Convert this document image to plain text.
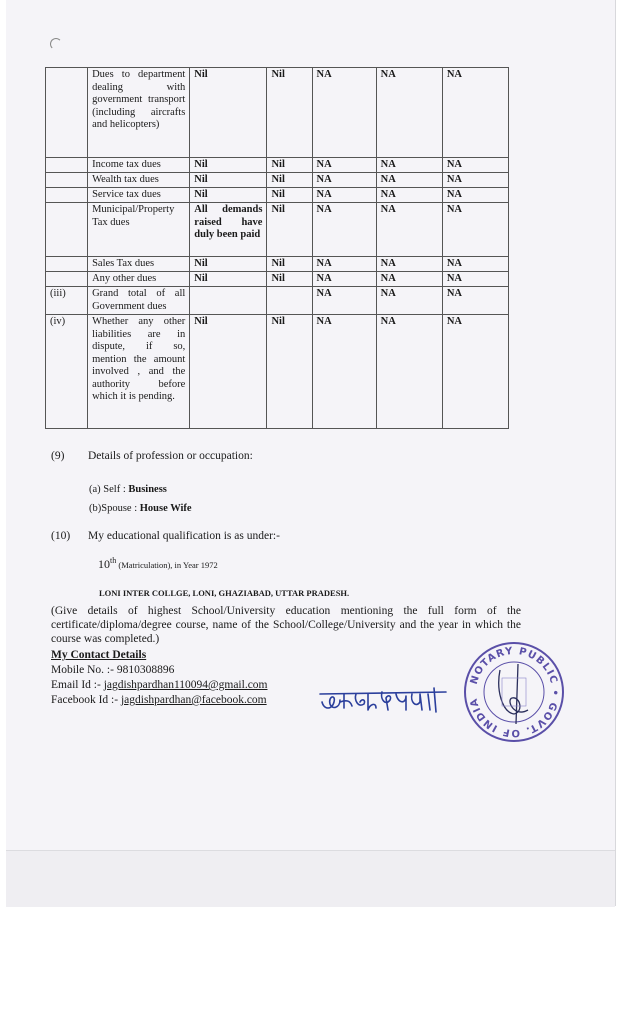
	Dues to department dealing with government transport (including aircrafts and helicopters)	Nil	Nil	NA	NA	NA
	Income tax dues	Nil	Nil	NA	NA	NA
	Wealth tax dues	Nil	Nil	NA	NA	NA
	Service tax dues	Nil	Nil	NA	NA	NA
	Municipal/Property Tax dues	All demands raised have duly been paid	Nil	NA	NA	NA
	Sales Tax dues	Nil	Nil	NA	NA	NA
	Any other dues	Nil	Nil	NA	NA	NA
(iii)	Grand total of all Government dues			NA	NA	NA
(iv)	Whether any other liabilities are in dispute, if so, mention the amount involved , and the authority before which it is pending.	Nil	Nil	NA	NA	NA
(9) Details of profession or occupation:
(a) Self : Business
(b)Spouse : House Wife
(10) My educational qualification is as under:-
10th (Matriculation), in Year 1972
LONI INTER COLLGE, LONI, GHAZIABAD, UTTAR PRADESH.
(Give details of highest School/University education mentioning the full form of the certificate/diploma/degree course, name of the School/College/University and the year in which the course was completed.)
My Contact Details
Mobile No. :- 9810308896
Email Id :- jagdishpardhan110094@gmail.com
Facebook Id :- jagdishpardhan@facebook.com
NOTARY PUBLIC • GOVT. OF INDIA
